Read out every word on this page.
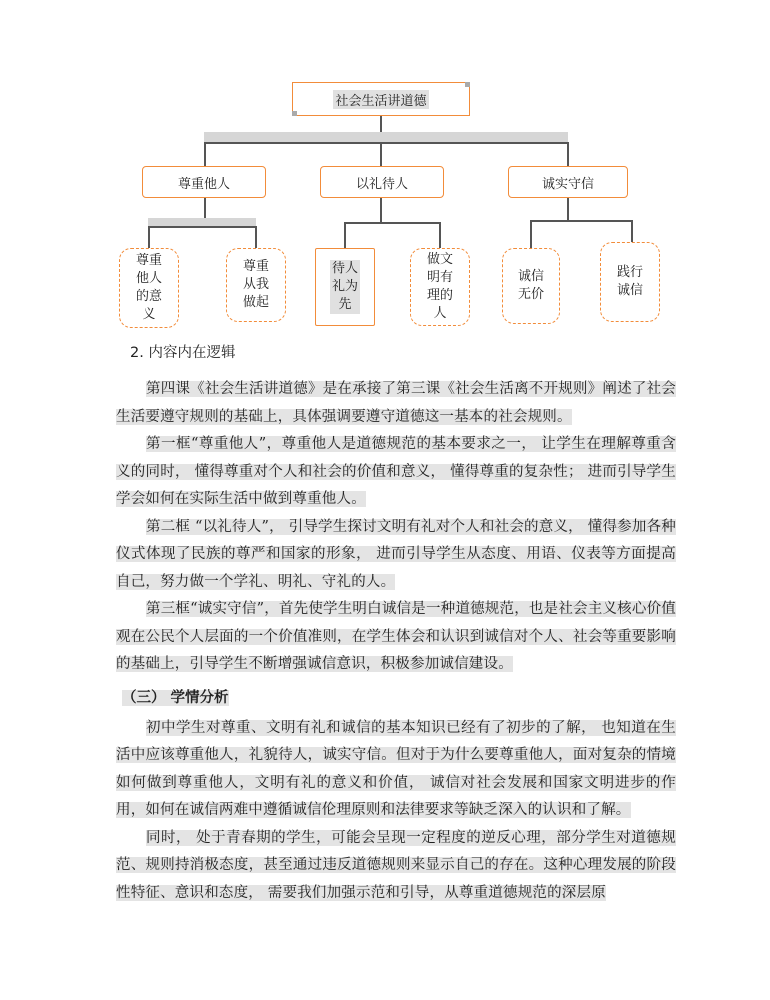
社会生活讲道德
尊重他人	以礼待人	诚实守信
尊重他人的意义
尊重从我做起
待人礼为先
做文明有理的人
诚信无价
践行诚信

2. 内容内在逻辑

第四课《社会生活讲道德》是在承接了第三课《社会生活离不开规则》阐述了社会生活要遵守规则的基础上，具体强调要遵守道德这一基本的社会规则。

第一框“尊重他人”，尊重他人是道德规范的基本要求之一， 让学生在理解尊重含义的同时， 懂得尊重对个人和社会的价值和意义， 懂得尊重的复杂性； 进而引导学生学会如何在实际生活中做到尊重他人。

第二框 “以礼待人”， 引导学生探讨文明有礼对个人和社会的意义， 懂得参加各种仪式体现了民族的尊严和国家的形象， 进而引导学生从态度、用语、仪表等方面提高自己，努力做一个学礼、明礼、守礼的人。

第三框“诚实守信”，首先使学生明白诚信是一种道德规范，也是社会主义核心价值观在公民个人层面的一个价值准则，在学生体会和认识到诚信对个人、社会等重要影响的基础上，引导学生不断增强诚信意识，积极参加诚信建设。

（三） 学情分析

初中学生对尊重、文明有礼和诚信的基本知识已经有了初步的了解， 也知道在生活中应该尊重他人，礼貌待人，诚实守信。但对于为什么要尊重他人，面对复杂的情境如何做到尊重他人，文明有礼的意义和价值， 诚信对社会发展和国家文明进步的作用，如何在诚信两难中遵循诚信伦理原则和法律要求等缺乏深入的认识和了解。

同时， 处于青春期的学生，可能会呈现一定程度的逆反心理，部分学生对道德规范、规则持消极态度，甚至通过违反道德规则来显示自己的存在。这种心理发展的阶段性特征、意识和态度， 需要我们加强示范和引导，从尊重道德规范的深层原
